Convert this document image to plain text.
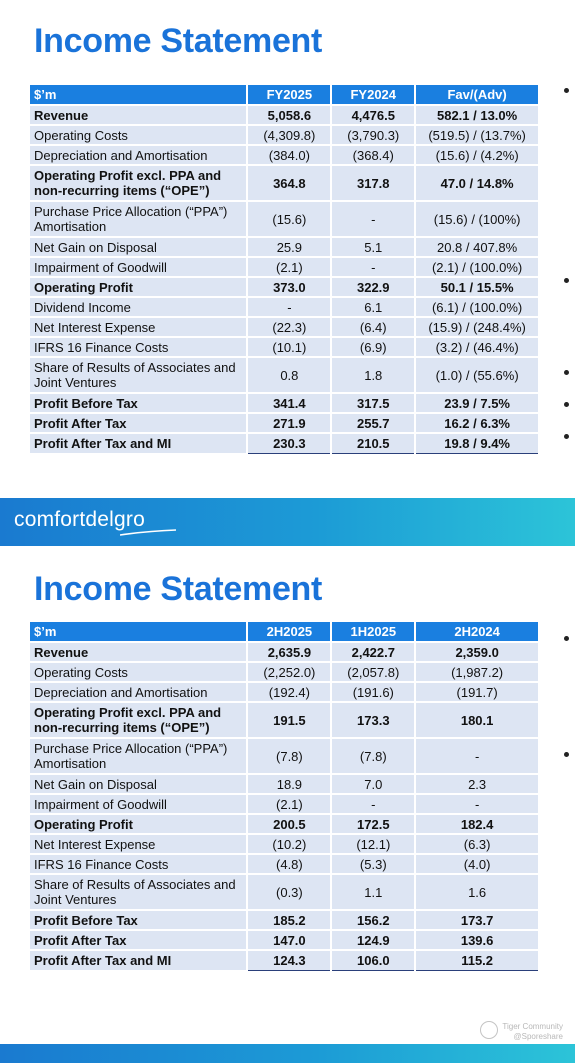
Income Statement
$’m	FY2025	FY2024	Fav/(Adv)
Revenue	5,058.6	4,476.5	582.1 / 13.0%
Operating Costs	(4,309.8)	(3,790.3)	(519.5) / (13.7%)
Depreciation and Amortisation	(384.0)	(368.4)	(15.6) / (4.2%)
Operating Profit excl. PPA and non-recurring items (“OPE”)	364.8	317.8	47.0 / 14.8%
Purchase Price Allocation (“PPA”) Amortisation	(15.6)	-	(15.6) / (100%)
Net Gain on Disposal	25.9	5.1	20.8 / 407.8%
Impairment of Goodwill	(2.1)	-	(2.1) / (100.0%)
Operating Profit	373.0	322.9	50.1 / 15.5%
Dividend Income	-	6.1	(6.1) / (100.0%)
Net Interest Expense	(22.3)	(6.4)	(15.9) / (248.4%)
IFRS 16 Finance Costs	(10.1)	(6.9)	(3.2) / (46.4%)
Share of Results of Associates and Joint Ventures	0.8	1.8	(1.0) / (55.6%)
Profit Before Tax	341.4	317.5	23.9 / 7.5%
Profit After Tax	271.9	255.7	16.2 / 6.3%
Profit After Tax and MI	230.3	210.5	19.8 / 9.4%
comfortdelgro
Income Statement
$’m	2H2025	1H2025	2H2024
Revenue	2,635.9	2,422.7	2,359.0
Operating Costs	(2,252.0)	(2,057.8)	(1,987.2)
Depreciation and Amortisation	(192.4)	(191.6)	(191.7)
Operating Profit excl. PPA and non-recurring items (“OPE”)	191.5	173.3	180.1
Purchase Price Allocation (“PPA”) Amortisation	(7.8)	(7.8)	-
Net Gain on Disposal	18.9	7.0	2.3
Impairment of Goodwill	(2.1)	-	-
Operating Profit	200.5	172.5	182.4
Net Interest Expense	(10.2)	(12.1)	(6.3)
IFRS 16 Finance Costs	(4.8)	(5.3)	(4.0)
Share of Results of Associates and Joint Ventures	(0.3)	1.1	1.6
Profit Before Tax	185.2	156.2	173.7
Profit After Tax	147.0	124.9	139.6
Profit After Tax and MI	124.3	106.0	115.2
Tiger Community
@Sporeshare
